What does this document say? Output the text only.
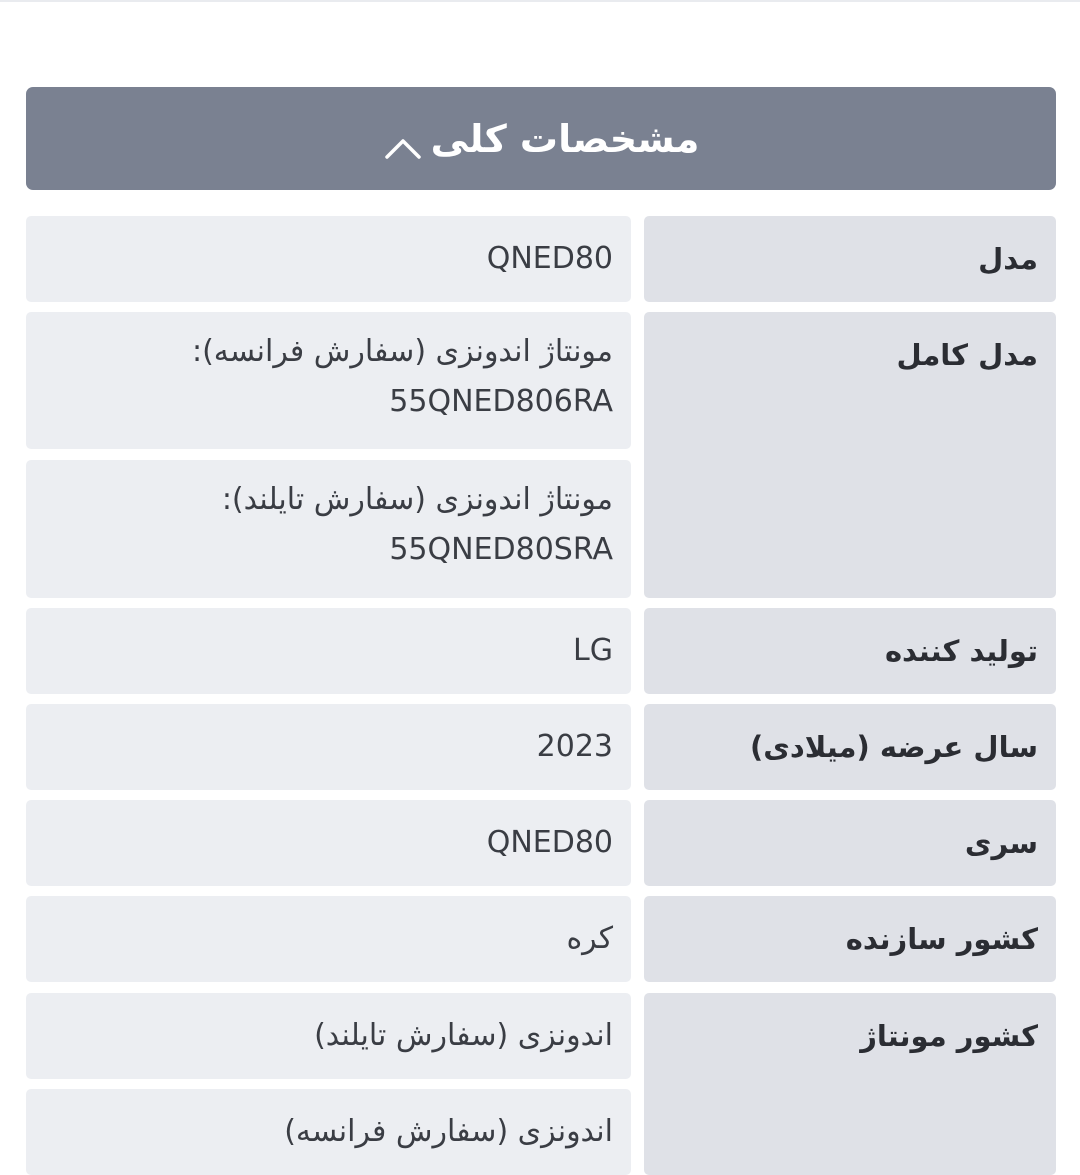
مشخصات کلی
مدل
QNED80
مدل کامل
مونتاژ اندونزی (سفارش فرانسه):
55QNED806RA
مونتاژ اندونزی (سفارش تایلند):
55QNED80SRA
تولید کننده
LG
سال عرضه (میلادی)
2023
سری
QNED80
کشور سازنده
کره
کشور مونتاژ
اندونزی (سفارش تایلند)
اندونزی (سفارش فرانسه)
